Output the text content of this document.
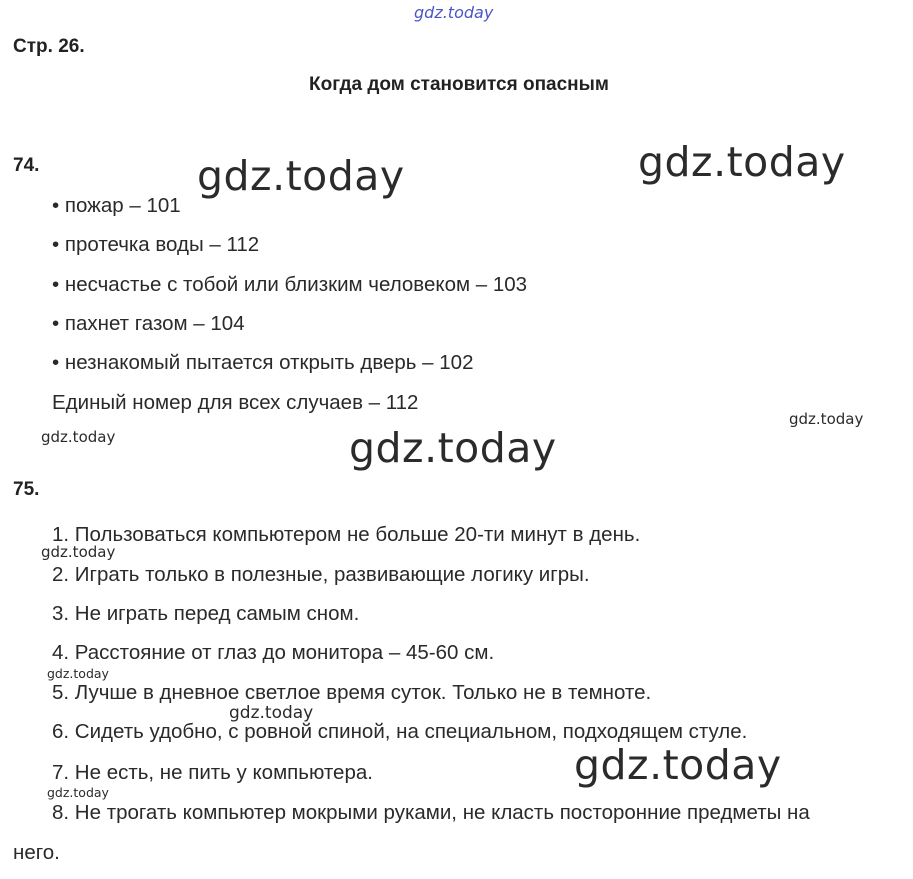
gdz.today
Стр. 26.
Когда дом становится опасным
74.
• пожар – 101
• протечка воды – 112
• несчастье с тобой или близким человеком – 103
• пахнет газом – 104
• незнакомый пытается открыть дверь – 102
Единый номер для всех случаев – 112
75.
1. Пользоваться компьютером не больше 20-ти минут в день.
2. Играть только в полезные, развивающие логику игры.
3. Не играть перед самым сном.
4. Расстояние от глаз до монитора – 45-60 см.
5. Лучше в дневное светлое время суток. Только не в темноте.
6. Сидеть удобно, с ровной спиной, на специальном, подходящем стуле.
7. Не есть, не пить у компьютера.
8. Не трогать компьютер мокрыми руками, не класть посторонние предметы на
него.
gdz.today	gdz.today
gdz.today
gdz.today
gdz.today
gdz.today
gdz.today
gdz.today
gdz.today
gdz.today
